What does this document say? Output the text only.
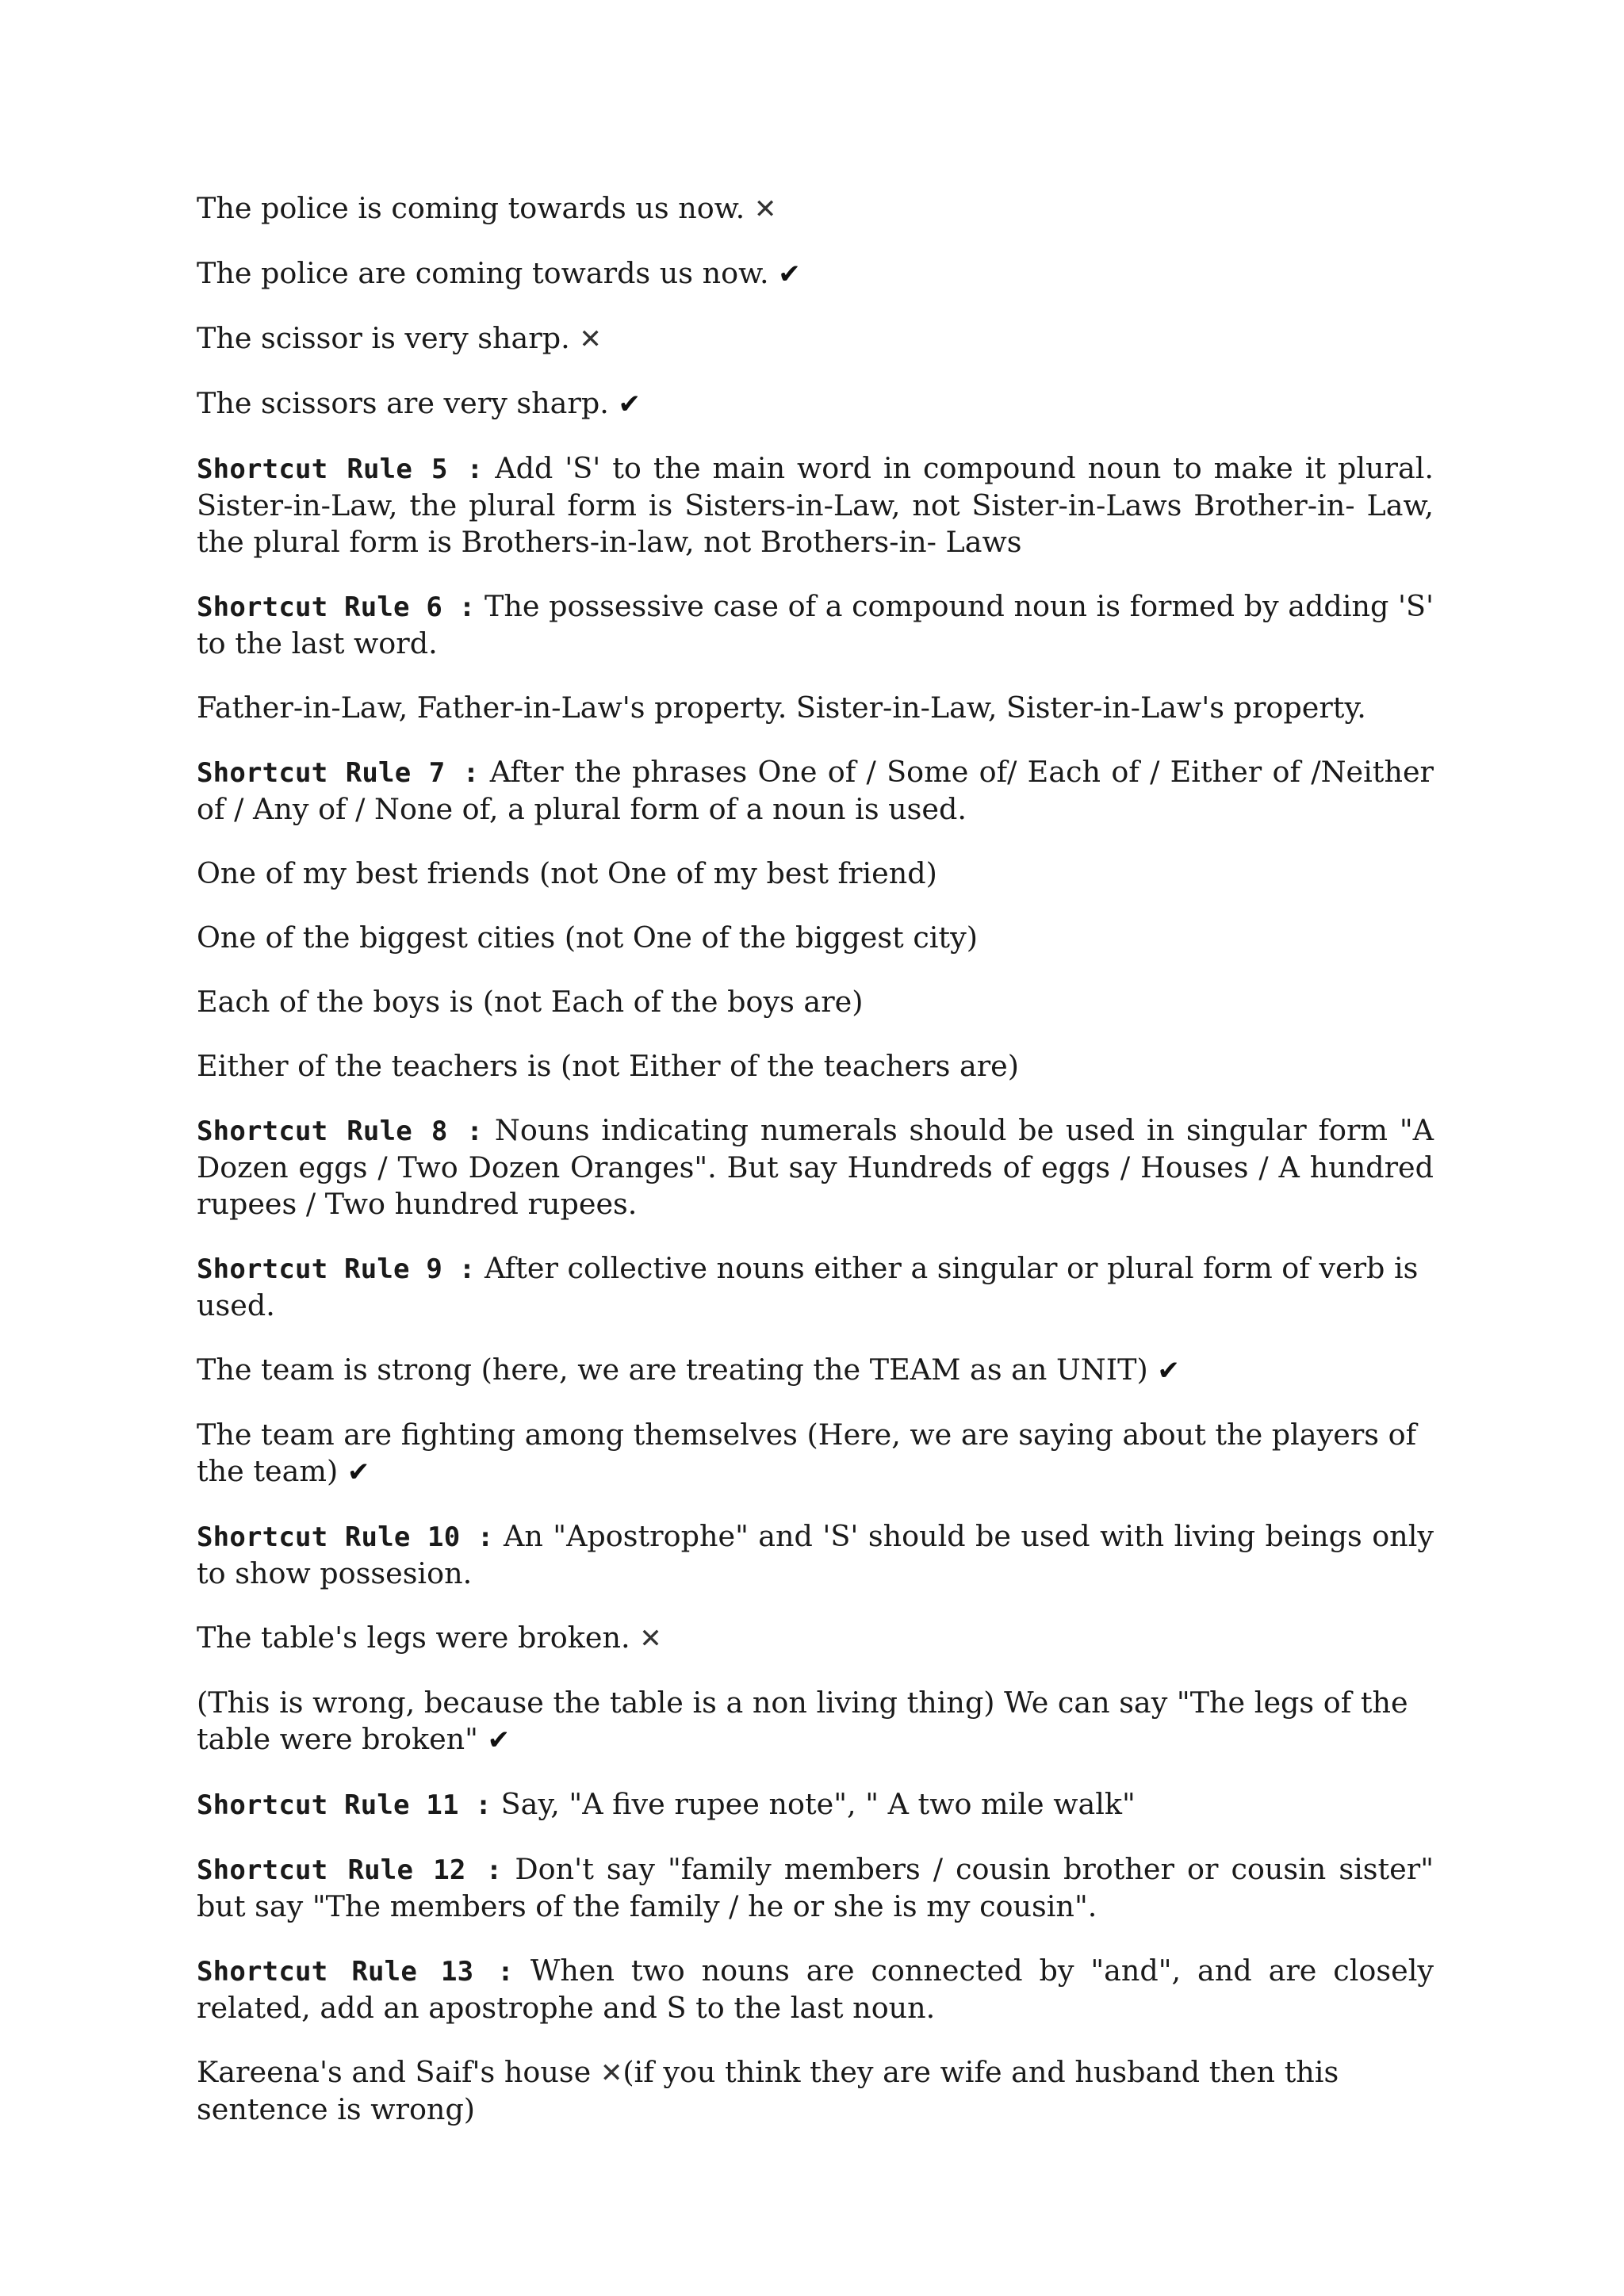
The police is coming towards us now. ✕

The police are coming towards us now. ✔

The scissor is very sharp. ✕

The scissors are very sharp. ✔

Shortcut Rule 5 : Add 'S' to the main word in compound noun to make it plural. Sister-in-Law, the plural form is Sisters-in-Law, not Sister-in-Laws Brother-in- Law, the plural form is Brothers-in-law, not Brothers-in- Laws

Shortcut Rule 6 : The possessive case of a compound noun is formed by adding 'S' to the last word.

Father-in-Law, Father-in-Law's property. Sister-in-Law, Sister-in-Law's property.

Shortcut Rule 7 : After the phrases One of / Some of/ Each of / Either of /Neither of / Any of / None of, a plural form of a noun is used.

One of my best friends (not One of my best friend)

One of the biggest cities (not One of the biggest city)

Each of the boys is (not Each of the boys are)

Either of the teachers is (not Either of the teachers are)

Shortcut Rule 8 : Nouns indicating numerals should be used in singular form "A Dozen eggs / Two Dozen Oranges". But say Hundreds of eggs / Houses / A hundred rupees / Two hundred rupees.

Shortcut Rule 9 : After collective nouns either a singular or plural form of verb is used.

The team is strong (here, we are treating the TEAM as an UNIT) ✔

The team are fighting among themselves (Here, we are saying about the players of the team) ✔

Shortcut Rule 10 : An "Apostrophe" and 'S' should be used with living beings only to show possesion.

The table's legs were broken. ✕

(This is wrong, because the table is a non living thing) We can say "The legs of the table were broken" ✔

Shortcut Rule 11 : Say, "A five rupee note", " A two mile walk"

Shortcut Rule 12 : Don't say "family members / cousin brother or cousin sister" but say "The members of the family / he or she is my cousin".

Shortcut Rule 13 : When two nouns are connected by "and", and are closely related, add an apostrophe and S to the last noun.

Kareena's and Saif's house ✕(if you think they are wife and husband then this sentence is wrong)
